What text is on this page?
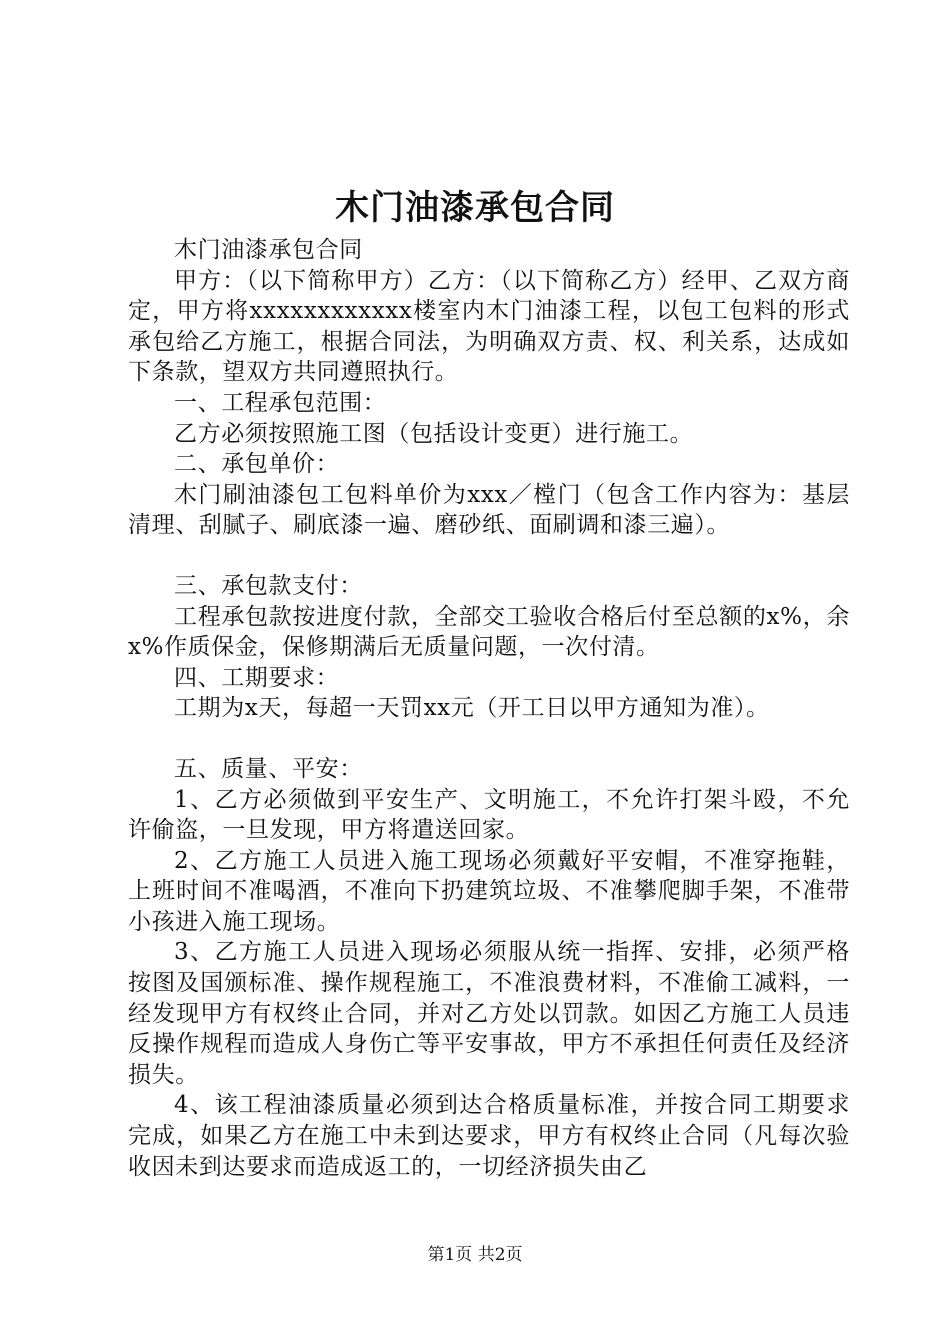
木门油漆承包合同

木门油漆承包合同

甲方：（以下简称甲方）乙方：（以下简称乙方）经甲、乙双方商定，甲方将xxxxxxxxxxxx楼室内木门油漆工程，以包工包料的形式承包给乙方施工，根据合同法，为明确双方责、权、利关系，达成如下条款，望双方共同遵照执行。

一、工程承包范围：

乙方必须按照施工图（包括设计变更）进行施工。

二、承包单价：

木门刷油漆包工包料单价为xxx／樘门（包含工作内容为：基层清理、刮腻子、刷底漆一遍、磨砂纸、面刷调和漆三遍）。

三、承包款支付：

工程承包款按进度付款，全部交工验收合格后付至总额的x%，余x%作质保金，保修期满后无质量问题，一次付清。

四、工期要求：

工期为x天，每超一天罚xx元（开工日以甲方通知为准）。

五、质量、平安：

1、乙方必须做到平安生产、文明施工，不允许打架斗殴，不允许偷盗，一旦发现，甲方将遣送回家。

2、乙方施工人员进入施工现场必须戴好平安帽，不准穿拖鞋，上班时间不准喝酒，不准向下扔建筑垃圾、不准攀爬脚手架，不准带小孩进入施工现场。

3、乙方施工人员进入现场必须服从统一指挥、安排，必须严格按图及国颁标准、操作规程施工，不准浪费材料，不准偷工减料，一经发现甲方有权终止合同，并对乙方处以罚款。如因乙方施工人员违反操作规程而造成人身伤亡等平安事故，甲方不承担任何责任及经济损失。

4、该工程油漆质量必须到达合格质量标准，并按合同工期要求完成，如果乙方在施工中未到达要求，甲方有权终止合同（凡每次验收因未到达要求而造成返工的，一切经济损失由乙

第1页 共2页
